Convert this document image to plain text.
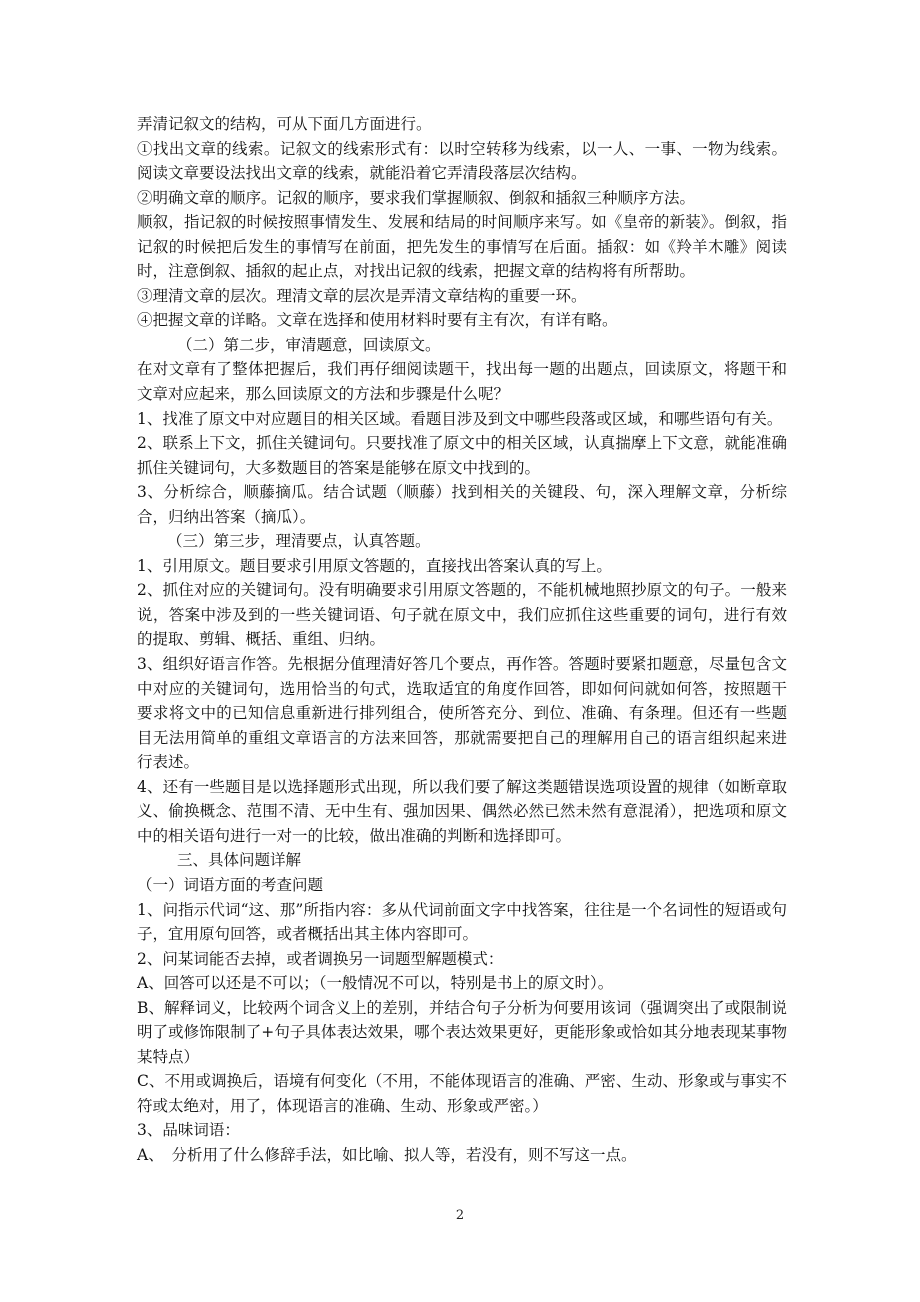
弄清记叙文的结构，可从下面几方面进行。

①找出文章的线索。记叙文的线索形式有：以时空转移为线索，以一人、一事、一物为线索。阅读文章要设法找出文章的线索，就能沿着它弄清段落层次结构。

②明确文章的顺序。记叙的顺序，要求我们掌握顺叙、倒叙和插叙三种顺序方法。

顺叙，指记叙的时候按照事情发生、发展和结局的时间顺序来写。如《皇帝的新装》。倒叙，指记叙的时候把后发生的事情写在前面，把先发生的事情写在后面。插叙：如《羚羊木雕》阅读时，注意倒叙、插叙的起止点，对找出记叙的线索，把握文章的结构将有所帮助。

③理清文章的层次。理清文章的层次是弄清文章结构的重要一环。

④把握文章的详略。文章在选择和使用材料时要有主有次，有详有略。

（二）第二步，审清题意，回读原文。

在对文章有了整体把握后，我们再仔细阅读题干，找出每一题的出题点，回读原文，将题干和文章对应起来，那么回读原文的方法和步骤是什么呢？

1、找准了原文中对应题目的相关区域。看题目涉及到文中哪些段落或区域，和哪些语句有关。

2、联系上下文，抓住关键词句。只要找准了原文中的相关区域，认真揣摩上下文意，就能准确抓住关键词句，大多数题目的答案是能够在原文中找到的。

3、分析综合，顺藤摘瓜。结合试题（顺藤）找到相关的关键段、句，深入理解文章，分析综合，归纳出答案（摘瓜）。

（三）第三步，理清要点，认真答题。

1、引用原文。题目要求引用原文答题的，直接找出答案认真的写上。

2、抓住对应的关键词句。没有明确要求引用原文答题的，不能机械地照抄原文的句子。一般来说，答案中涉及到的一些关键词语、句子就在原文中，我们应抓住这些重要的词句，进行有效的提取、剪辑、概括、重组、归纳。

3、组织好语言作答。先根据分值理清好答几个要点，再作答。答题时要紧扣题意，尽量包含文中对应的关键词句，选用恰当的句式，选取适宜的角度作回答，即如何问就如何答，按照题干要求将文中的已知信息重新进行排列组合，使所答充分、到位、准确、有条理。但还有一些题目无法用简单的重组文章语言的方法来回答，那就需要把自己的理解用自己的语言组织起来进行表述。

4、还有一些题目是以选择题形式出现，所以我们要了解这类题错误选项设置的规律（如断章取义、偷换概念、范围不清、无中生有、强加因果、偶然必然已然未然有意混淆），把选项和原文中的相关语句进行一对一的比较，做出准确的判断和选择即可。

三、具体问题详解

（一）词语方面的考查问题

1、问指示代词“这、那”所指内容：多从代词前面文字中找答案，往往是一个名词性的短语或句子，宜用原句回答，或者概括出其主体内容即可。

2、问某词能否去掉，或者调换另一词题型解题模式：

A、回答可以还是不可以；（一般情况不可以，特别是书上的原文时）。

B、解释词义，比较两个词含义上的差别，并结合句子分析为何要用该词（强调突出了或限制说明了或修饰限制了+句子具体表达效果，哪个表达效果更好，更能形象或恰如其分地表现某事物某特点）

C、不用或调换后，语境有何变化（不用，不能体现语言的准确、严密、生动、形象或与事实不符或太绝对，用了，体现语言的准确、生动、形象或严密。）

3、品味词语：

A、　分析用了什么修辞手法，如比喻、拟人等，若没有，则不写这一点。

2
